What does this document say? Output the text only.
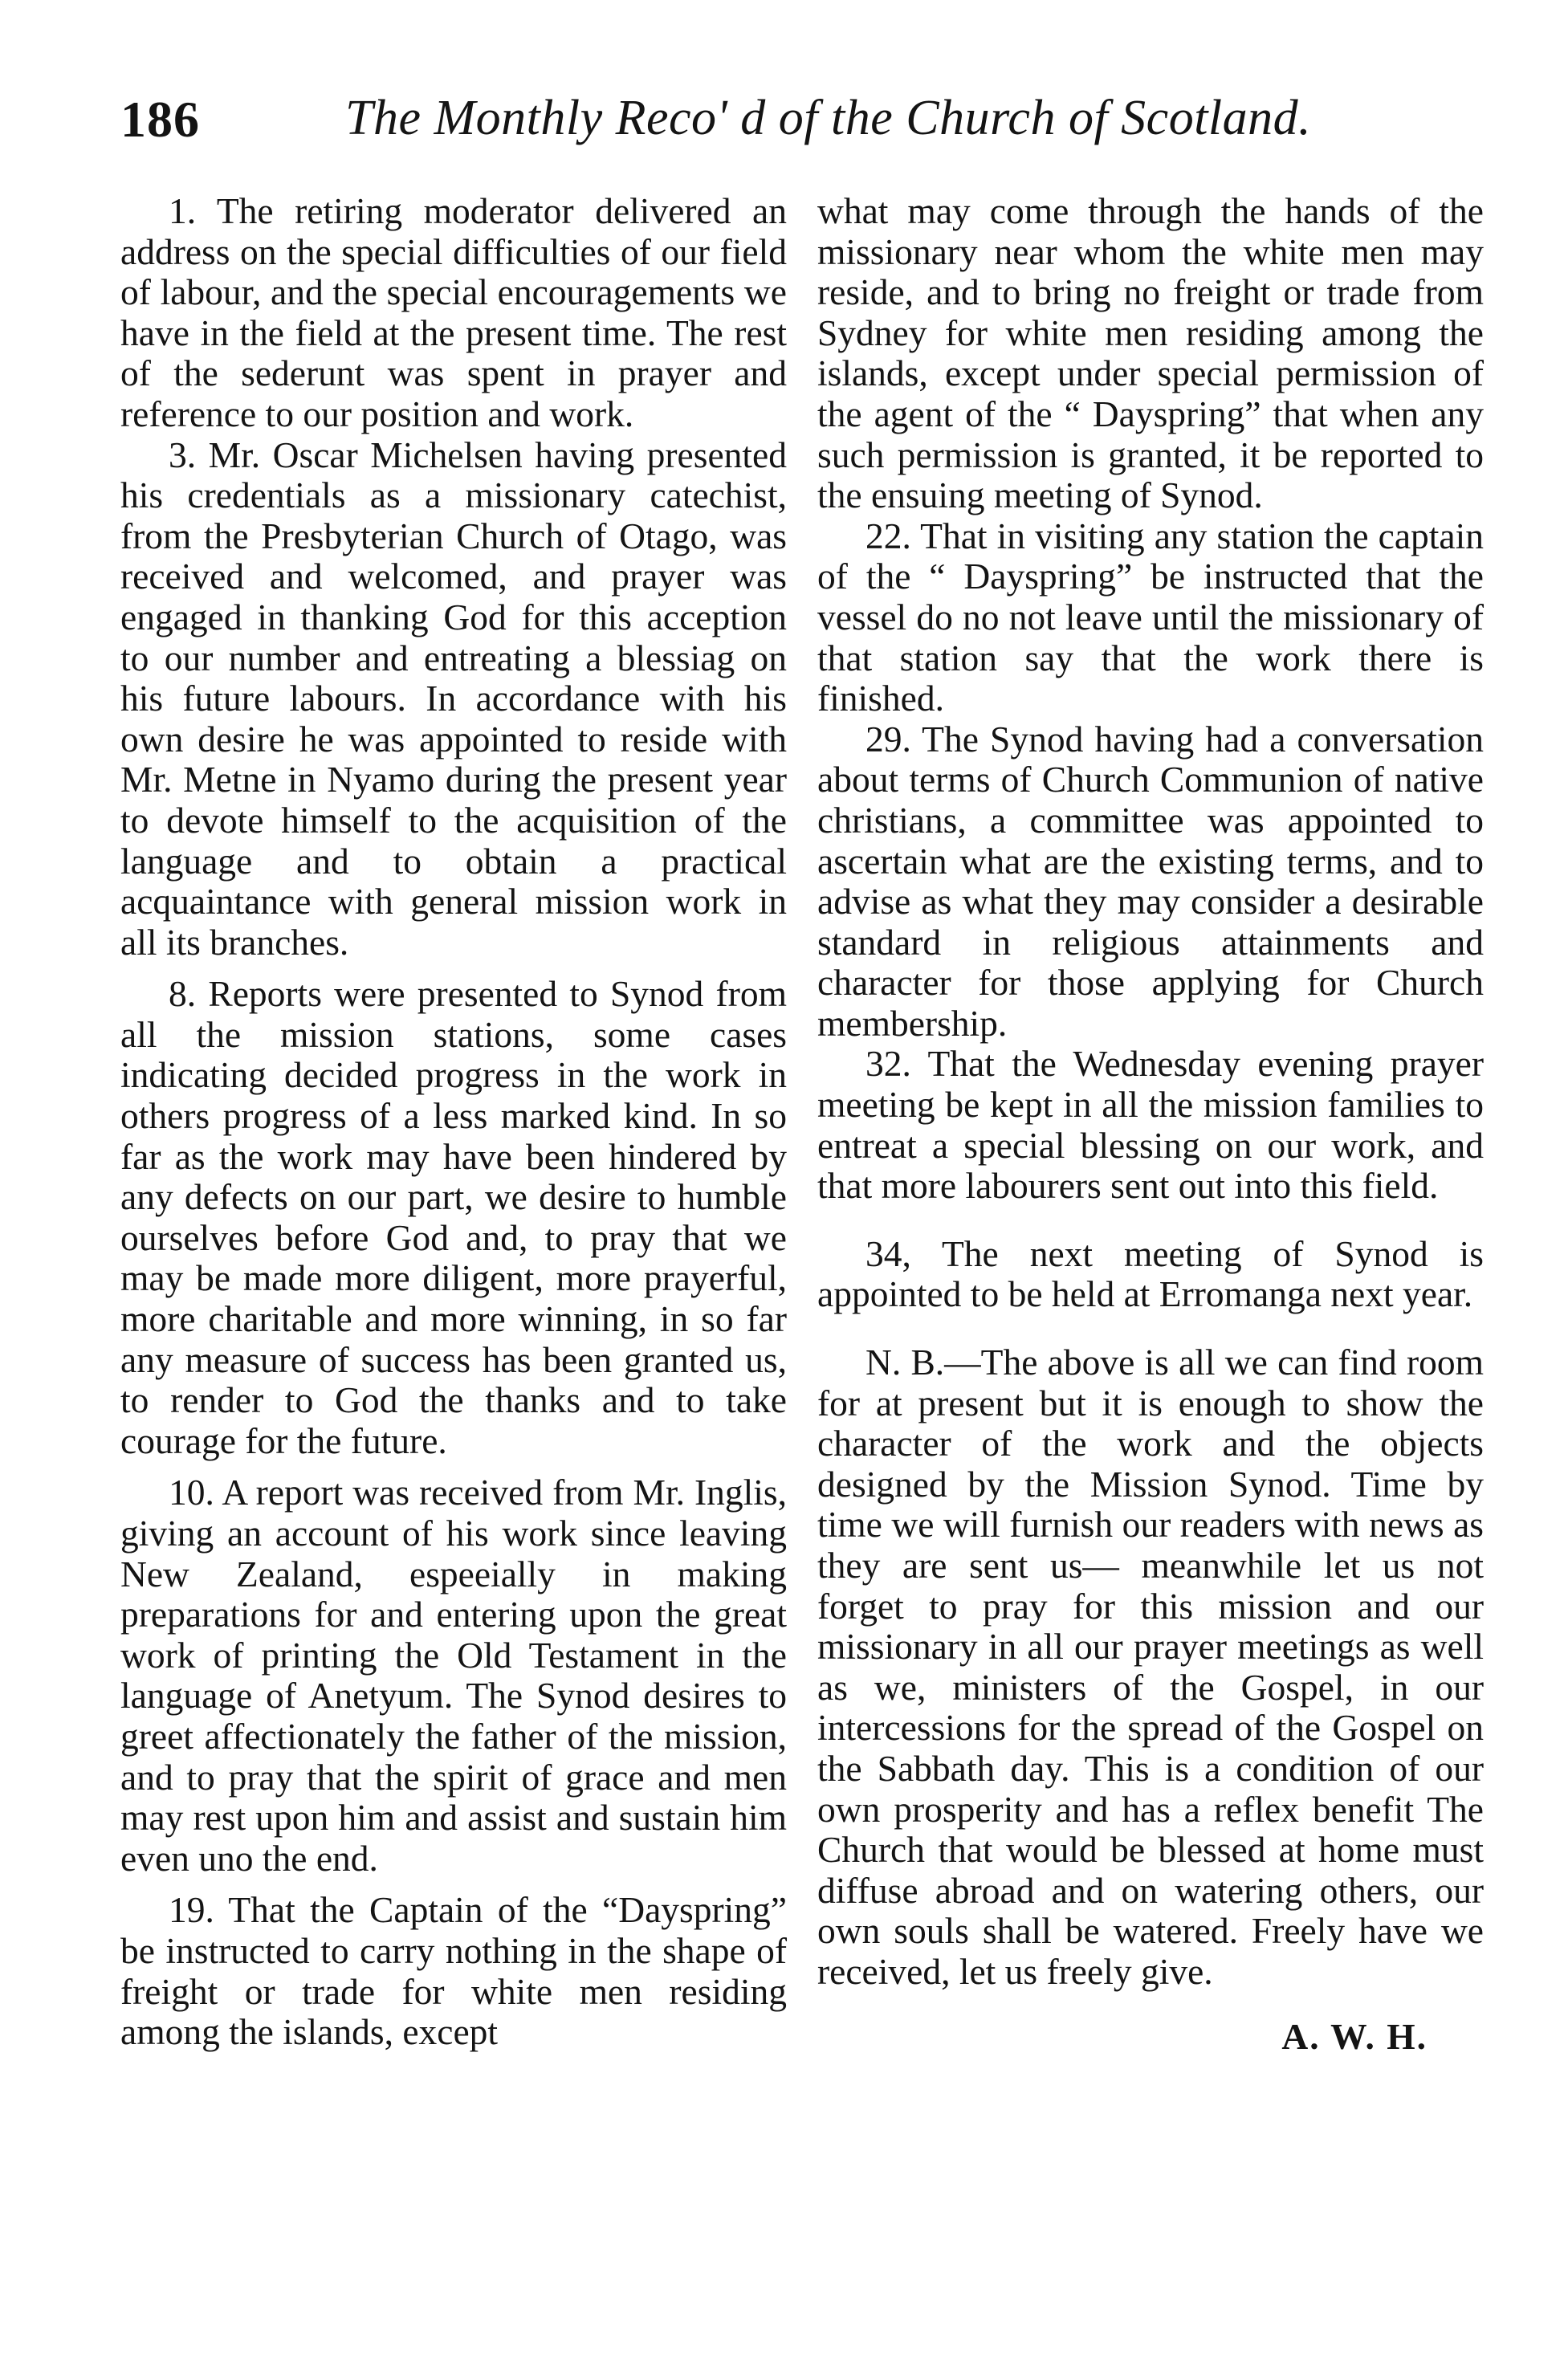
186	The Monthly Reco' d of the Church of Scotland.

1. The retiring moderator delivered an address on the special difficulties of our field of labour, and the special encouragements we have in the field at the present time. The rest of the sederunt was spent in prayer and reference to our position and work.

3. Mr. Oscar Michelsen having presented his credentials as a missionary catechist, from the Presbyterian Church of Otago, was received and welcomed, and prayer was engaged in thanking God for this acception to our number and entreating a blessiag on his future labours. In accordance with his own desire he was appointed to reside with Mr. Metne in Nyamo during the present year to devote himself to the acquisition of the language and to obtain a practical acquaintance with general mission work in all its branches.

8. Reports were presented to Synod from all the mission stations, some cases indicating decided progress in the work in others progress of a less marked kind. In so far as the work may have been hindered by any defects on our part, we desire to humble ourselves before God and, to pray that we may be made more diligent, more prayerful, more charitable and more winning, in so far any measure of success has been granted us, to render to God the thanks and to take courage for the future.

10. A report was received from Mr. Inglis, giving an account of his work since leaving New Zealand, espeeially in making preparations for and entering upon the great work of printing the Old Testament in the language of Anetyum. The Synod desires to greet affectionately the father of the mission, and to pray that the spirit of grace and men may rest upon him and assist and sustain him even uno the end.

19. That the Captain of the “Dayspring” be instructed to carry nothing in the shape of freight or trade for white men residing among the islands, except

what may come through the hands of the missionary near whom the white men may reside, and to bring no freight or trade from Sydney for white men residing among the islands, except under special permission of the agent of the “ Dayspring” that when any such permission is granted, it be reported to the ensuing meeting of Synod.

22. That in visiting any station the captain of the “ Dayspring” be instructed that the vessel do no not leave until the missionary of that station say that the work there is finished.

29. The Synod having had a conversation about terms of Church Communion of native christians, a committee was appointed to ascertain what are the existing terms, and to advise as what they may consider a desirable standard in religious attainments and character for those applying for Church membership.

32. That the Wednesday evening prayer meeting be kept in all the mission families to entreat a special blessing on our work, and that more labourers sent out into this field.

34, The next meeting of Synod is appointed to be held at Erromanga next year.

N. B.—The above is all we can find room for at present but it is enough to show the character of the work and the objects designed by the Mission Synod. Time by time we will furnish our readers with news as they are sent us— meanwhile let us not forget to pray for this mission and our missionary in all our prayer meetings as well as we, ministers of the Gospel, in our intercessions for the spread of the Gospel on the Sabbath day. This is a condition of our own prosperity and has a reflex benefit The Church that would be blessed at home must diffuse abroad and on watering others, our own souls shall be watered. Freely have we received, let us freely give.

A. W. H.
